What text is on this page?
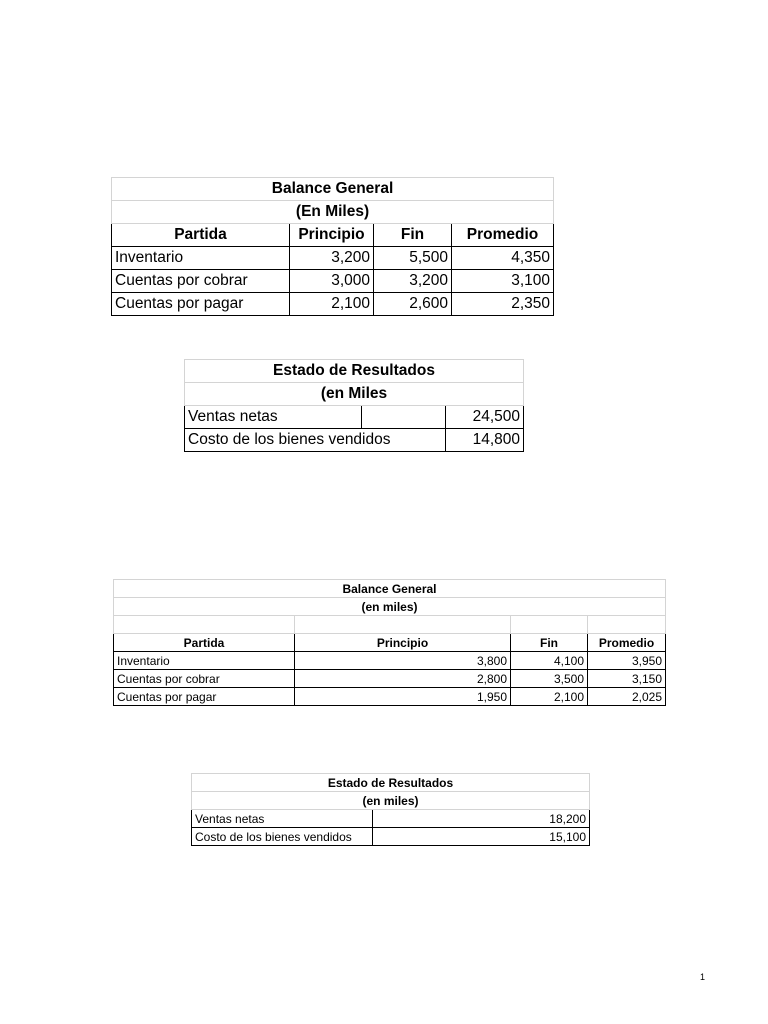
Balance General			
(En Miles)			
Partida	Principio	Fin	Promedio
Inventario	3,200	5,500	4,350
Cuentas por cobrar	3,000	3,200	3,100
Cuentas por pagar	2,100	2,600	2,350
Estado de Resultados		
(en Miles		
Ventas netas		24,500
Costo de los bienes vendidos		14,800
Balance General			
(en miles)			

Partida	Principio	Fin	Promedio
Inventario	3,800	4,100	3,950
Cuentas por cobrar	2,800	3,500	3,150
Cuentas por pagar	1,950	2,100	2,025
Estado de Resultados	
(en miles)	
Ventas netas	18,200
Costo de los bienes vendidos	15,100
1
